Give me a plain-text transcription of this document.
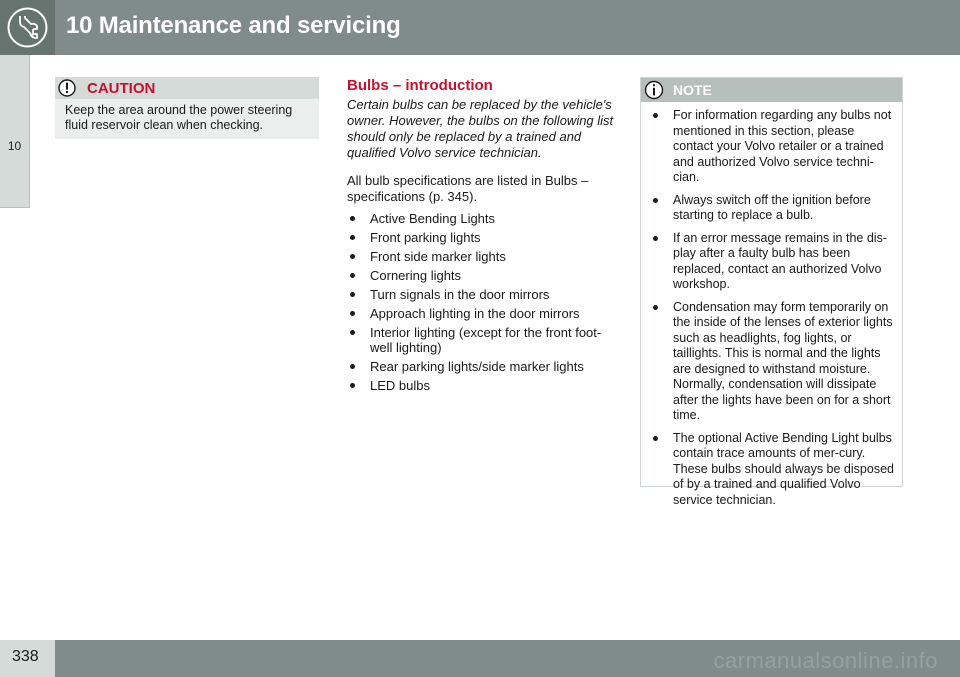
10 Maintenance and servicing
10
CAUTION
Keep the area around the power steering fluid reservoir clean when checking.
Bulbs – introduction

Certain bulbs can be replaced by the vehicle's owner. However, the bulbs on the following list should only be replaced by a trained and qualified Volvo service technician.

All bulb specifications are listed in Bulbs – specifications (p. 345).

Active Bending Lights
Front parking lights
Front side marker lights
Cornering lights
Turn signals in the door mirrors
Approach lighting in the door mirrors
Interior lighting (except for the front foot-well lighting)
Rear parking lights/side marker lights
LED bulbs
NOTE
For information regarding any bulbs not mentioned in this section, please contact your Volvo retailer or a trained and authorized Volvo service techni-cian.
Always switch off the ignition before starting to replace a bulb.
If an error message remains in the dis-play after a faulty bulb has been replaced, contact an authorized Volvo workshop.
Condensation may form temporarily on the inside of the lenses of exterior lights such as headlights, fog lights, or taillights. This is normal and the lights are designed to withstand moisture. Normally, condensation will dissipate after the lights have been on for a short time.
The optional Active Bending Light bulbs contain trace amounts of mer-cury. These bulbs should always be disposed of by a trained and qualified Volvo service technician.
338	carmanualsonline.info
